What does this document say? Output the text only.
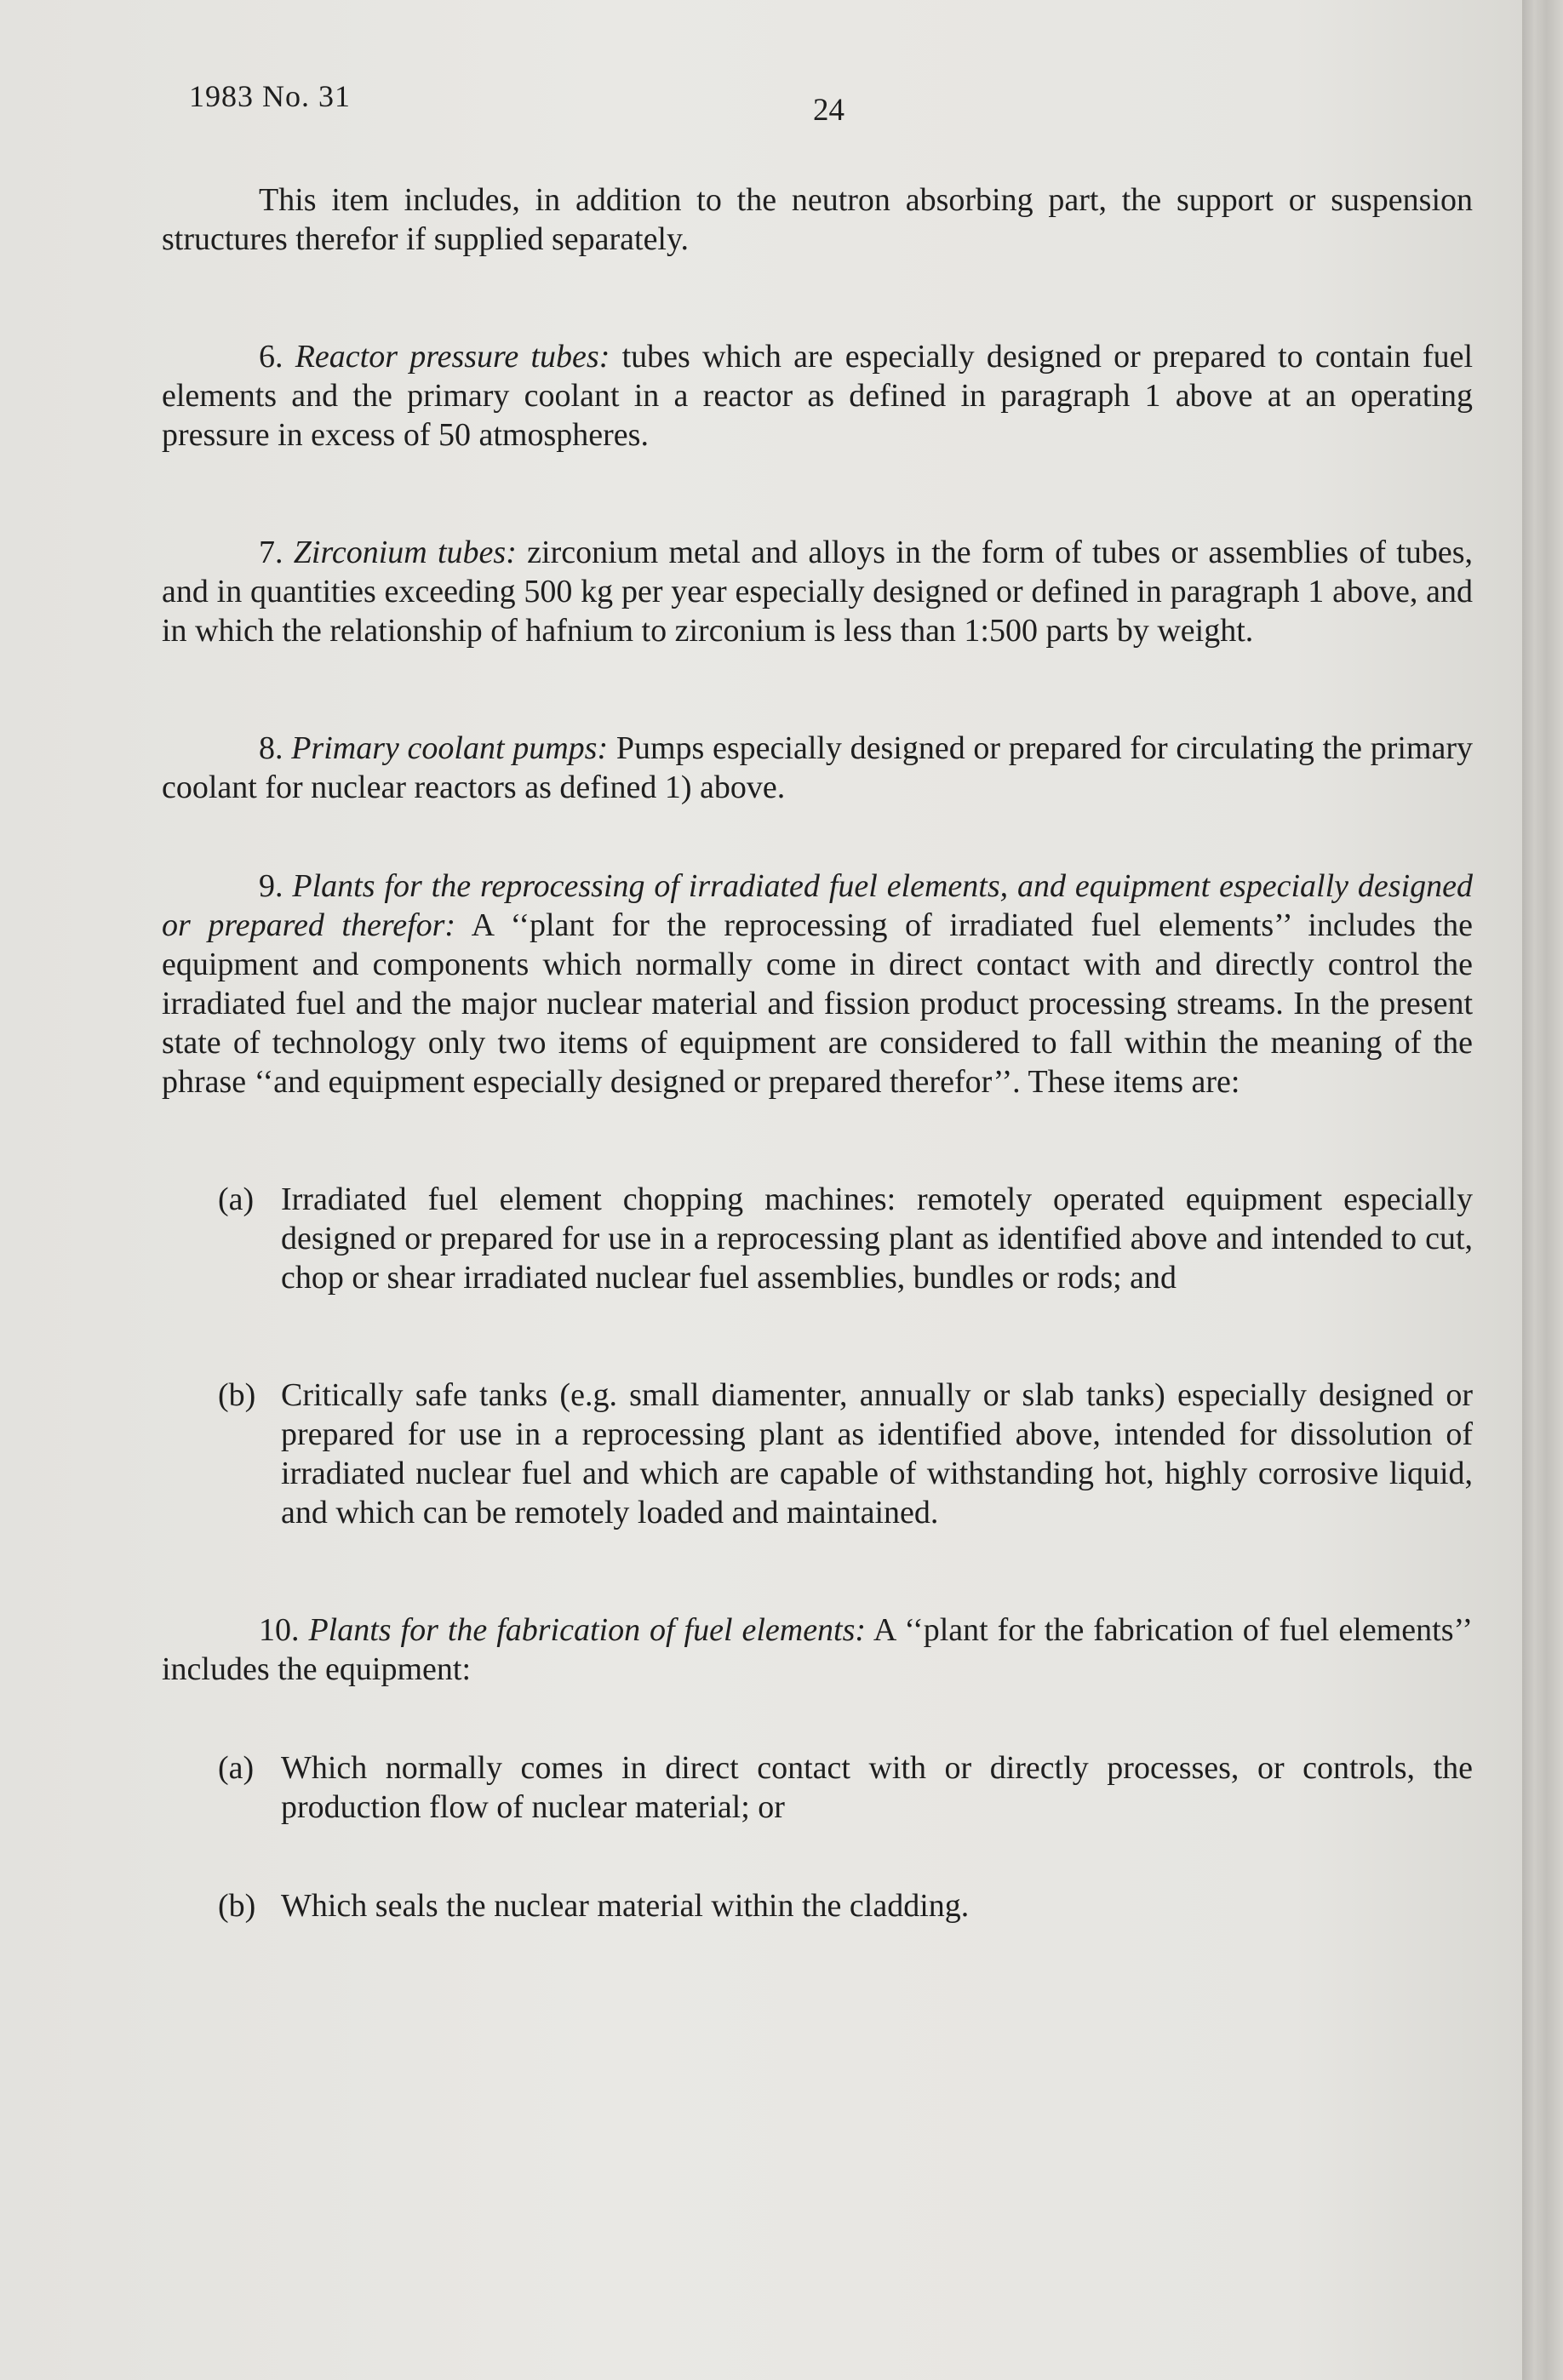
1983 No. 31	24

This item includes, in addition to the neutron absorbing part, the support or suspension structures therefor if supplied separately.

6. Reactor pressure tubes: tubes which are especially designed or prepared to contain fuel elements and the primary coolant in a reactor as defined in paragraph 1 above at an operating pressure in excess of 50 atmospheres.

7. Zirconium tubes: zirconium metal and alloys in the form of tubes or assemblies of tubes, and in quantities exceeding 500 kg per year especially designed or defined in paragraph 1 above, and in which the relationship of hafnium to zirconium is less than 1:500 parts by weight.

8. Primary coolant pumps: Pumps especially designed or prepared for circulating the primary coolant for nuclear reactors as defined 1) above.

9. Plants for the reprocessing of irradiated fuel elements, and equipment especially designed or prepared therefor: A ‘‘plant for the reprocessing of irradiated fuel elements’’ includes the equipment and components which normally come in direct contact with and directly control the irradiated fuel and the major nuclear material and fission product processing streams. In the present state of technology only two items of equipment are considered to fall within the meaning of the phrase ‘‘and equipment especially designed or prepared therefor’’. These items are:

(a) Irradiated fuel element chopping machines: remotely operated equipment especially designed or prepared for use in a reprocessing plant as identified above and intended to cut, chop or shear irradiated nuclear fuel assemblies, bundles or rods; and

(b) Critically safe tanks (e.g. small diamenter, annually or slab tanks) especially designed or prepared for use in a reprocessing plant as identified above, intended for dissolution of irradiated nuclear fuel and which are capable of withstanding hot, highly corrosive liquid, and which can be remotely loaded and maintained.

10. Plants for the fabrication of fuel elements: A ‘‘plant for the fabrication of fuel elements’’ includes the equipment:

(a) Which normally comes in direct contact with or directly processes, or controls, the production flow of nuclear material; or

(b) Which seals the nuclear material within the cladding.
